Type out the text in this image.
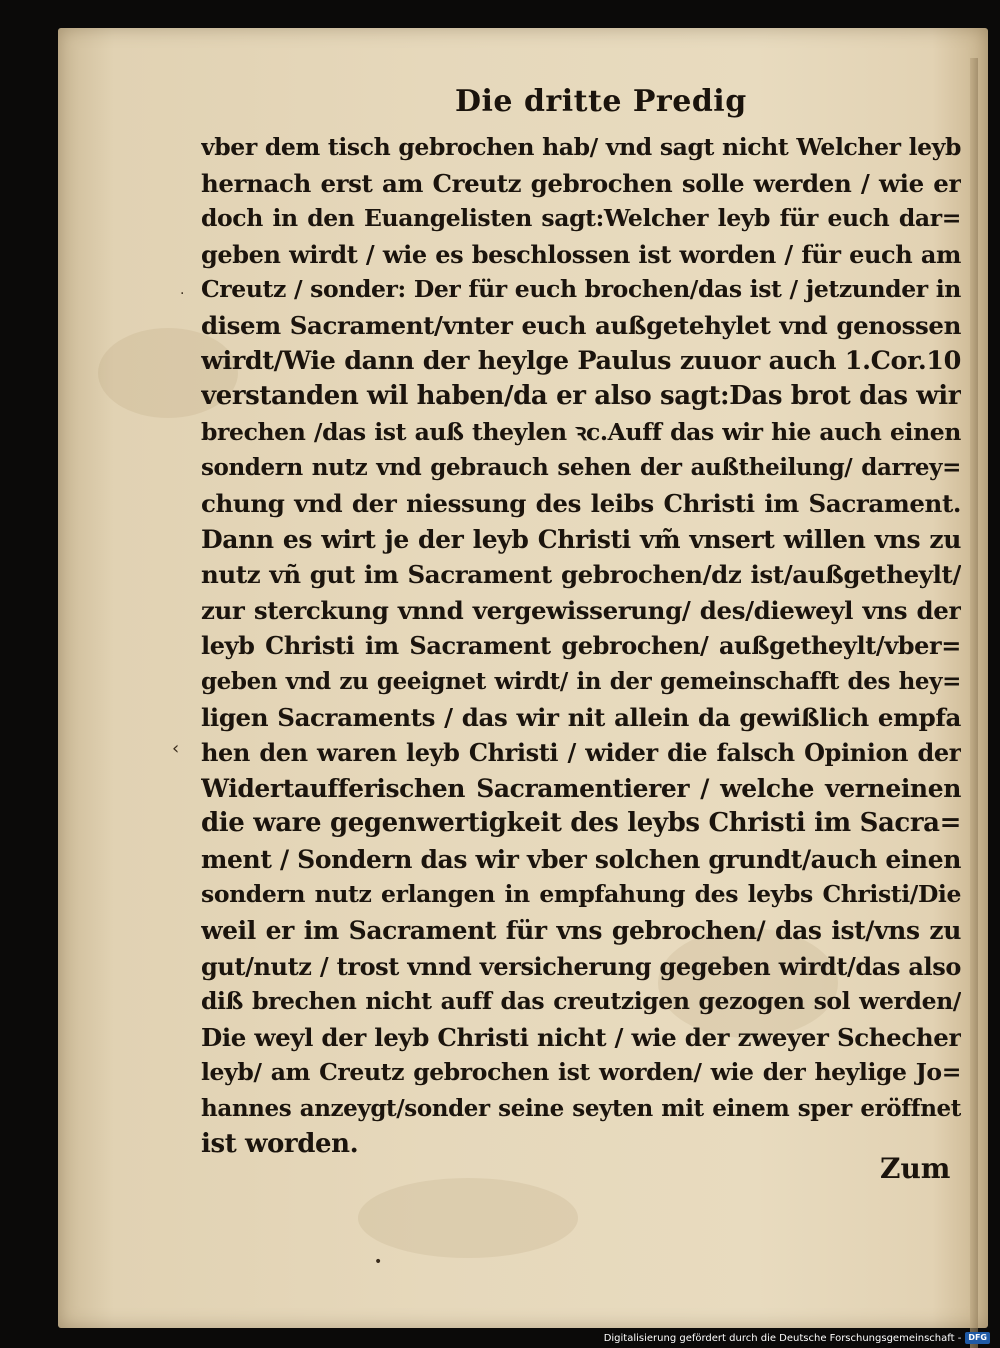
·
‹
•
Die dritte Predig
vber dem tisch gebrochen hab/ vnd sagt nicht Welcher leyb
hernach erst am Creutz gebrochen solle werden / wie er
doch in den Euangelisten sagt:Welcher leyb für euch dar=
geben wirdt / wie es beschlossen ist worden / für euch am
Creutz / sonder: Der für euch brochen/das ist / jetzunder in
disem Sacrament/vnter euch außgetehylet vnd genossen
wirdt/Wie dann der heylge Paulus zuuor auch 1.Cor.10
verstanden wil haben/da er also sagt:Das brot das wir
brechen /das ist auß theylen ꝛc.Auff das wir hie auch einen
sondern nutz vnd gebrauch sehen der außtheilung/ darrey=
chung vnd der niessung des leibs Christi im Sacrament.
Dann es wirt je der leyb Christi vm̃ vnsert willen vns zu
nutz vñ gut im Sacrament gebrochen/dz ist/außgetheylt/
zur sterckung vnnd vergewisserung/ des/dieweyl vns der
leyb Christi im Sacrament gebrochen/ außgetheylt/vber=
geben vnd zu geeignet wirdt/ in der gemeinschafft des hey=
ligen Sacraments / das wir nit allein da gewißlich empfa
hen den waren leyb Christi / wider die falsch Opinion der
Widertaufferischen Sacramentierer / welche verneinen
die ware gegenwertigkeit des leybs Christi im Sacra=
ment / Sondern das wir vber solchen grundt/auch einen
sondern nutz erlangen in empfahung des leybs Christi/Die
weil er im Sacrament für vns gebrochen/ das ist/vns zu
gut/nutz / trost vnnd versicherung gegeben wirdt/das also
diß brechen nicht auff das creutzigen gezogen sol werden/
Die weyl der leyb Christi nicht / wie der zweyer Schecher
leyb/ am Creutz gebrochen ist worden/ wie der heylige Jo=
hannes anzeygt/sonder seine seyten mit einem sper eröffnet
ist worden.
Zum
Digitalisierung gefördert durch die Deutsche Forschungsgemeinschaft - DFG
